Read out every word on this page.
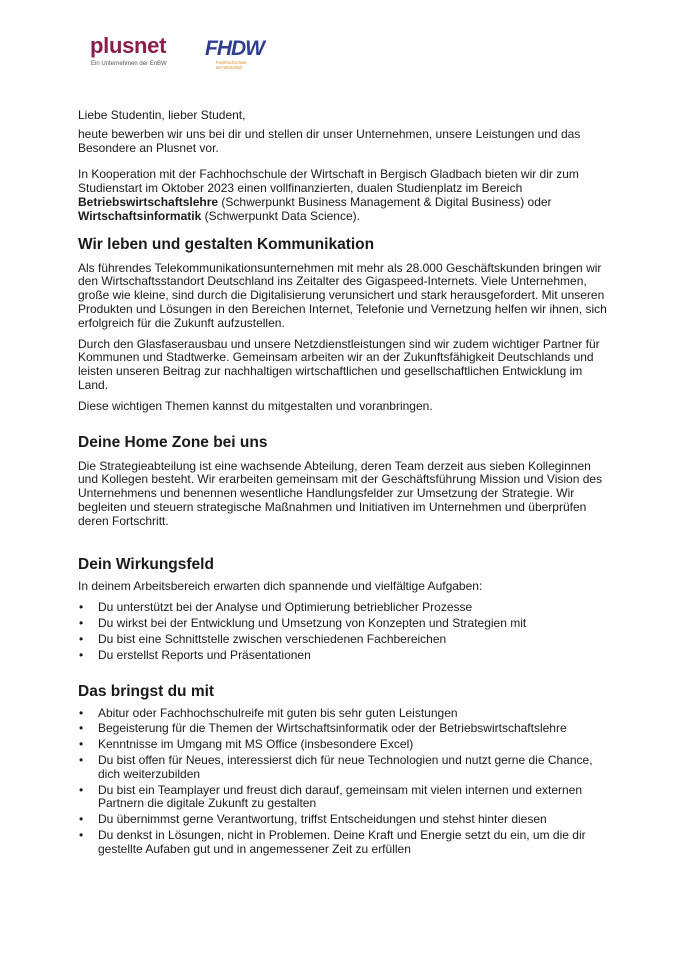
plusnet
Ein Unternehmen der EnBW
FHDW
Fachhochschule
der Wirtschaft

Liebe Studentin, lieber Student,

heute bewerben wir uns bei dir und stellen dir unser Unternehmen, unsere Leistungen und das Besondere an Plusnet vor.

In Kooperation mit der Fachhochschule der Wirtschaft in Bergisch Gladbach bieten wir dir zum Studienstart im Oktober 2023 einen vollfinanzierten, dualen Studienplatz im Bereich Betriebswirtschaftslehre (Schwerpunkt Business Management & Digital Business) oder Wirtschaftsinformatik (Schwerpunkt Data Science).

Wir leben und gestalten Kommunikation

Als führendes Telekommunikationsunternehmen mit mehr als 28.000 Geschäftskunden bringen wir den Wirtschaftsstandort Deutschland ins Zeitalter des Gigaspeed-Internets. Viele Unternehmen, große wie kleine, sind durch die Digitalisierung verunsichert und stark herausgefordert. Mit unseren Produkten und Lösungen in den Bereichen Internet, Telefonie und Vernetzung helfen wir ihnen, sich erfolgreich für die Zukunft aufzustellen.

Durch den Glasfaserausbau und unsere Netzdienstleistungen sind wir zudem wichtiger Partner für Kommunen und Stadtwerke. Gemeinsam arbeiten wir an der Zukunftsfähigkeit Deutschlands und leisten unseren Beitrag zur nachhaltigen wirtschaftlichen und gesellschaftlichen Entwicklung im Land.

Diese wichtigen Themen kannst du mitgestalten und voranbringen.

Deine Home Zone bei uns

Die Strategieabteilung ist eine wachsende Abteilung, deren Team derzeit aus sieben Kolleginnen und Kollegen besteht. Wir erarbeiten gemeinsam mit der Geschäftsführung Mission und Vision des Unternehmens und benennen wesentliche Handlungsfelder zur Umsetzung der Strategie. Wir begleiten und steuern strategische Maßnahmen und Initiativen im Unternehmen und überprüfen deren Fortschritt.

Dein Wirkungsfeld

In deinem Arbeitsbereich erwarten dich spannende und vielfältige Aufgaben:

• Du unterstützt bei der Analyse und Optimierung betrieblicher Prozesse
• Du wirkst bei der Entwicklung und Umsetzung von Konzepten und Strategien mit
• Du bist eine Schnittstelle zwischen verschiedenen Fachbereichen
• Du erstellst Reports und Präsentationen
Das bringst du mit
• Abitur oder Fachhochschulreife mit guten bis sehr guten Leistungen
• Begeisterung für die Themen der Wirtschaftsinformatik oder der Betriebswirtschaftslehre
• Kenntnisse im Umgang mit MS Office (insbesondere Excel)
• Du bist offen für Neues, interessierst dich für neue Technologien und nutzt gerne die Chance, dich weiterzubilden
• Du bist ein Teamplayer und freust dich darauf, gemeinsam mit vielen internen und externen Partnern die digitale Zukunft zu gestalten
• Du übernimmst gerne Verantwortung, triffst Entscheidungen und stehst hinter diesen
• Du denkst in Lösungen, nicht in Problemen. Deine Kraft und Energie setzt du ein, um die dir gestellte Aufaben gut und in angemessener Zeit zu erfüllen
